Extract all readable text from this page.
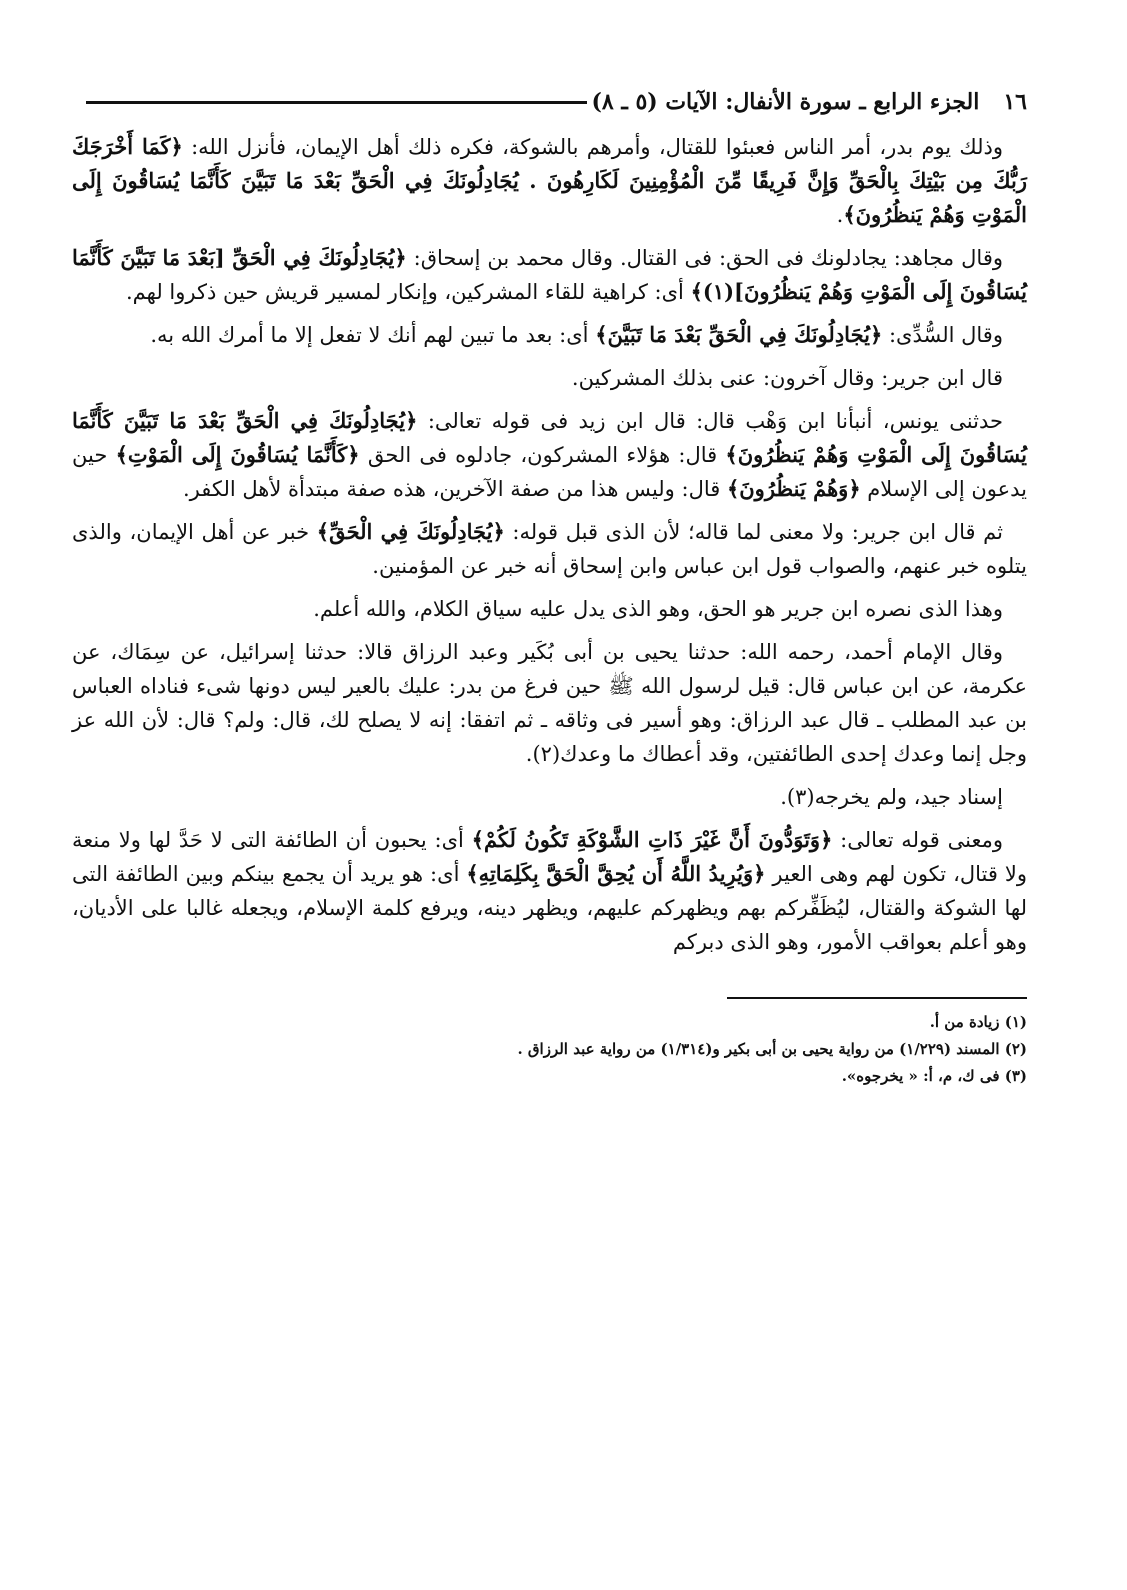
١٦
الجزء الرابع ـ سورة الأنفال: الآيات (٥ ـ ٨)

وذلك يوم بدر، أمر الناس فعبئوا للقتال، وأمرهم بالشوكة، فكره ذلك أهل الإيمان، فأنزل الله: ﴿كَمَا أَخْرَجَكَ رَبُّكَ مِن بَيْتِكَ بِالْحَقِّ وَإِنَّ فَرِيقًا مِّنَ الْمُؤْمِنِينَ لَكَارِهُونَ . يُجَادِلُونَكَ فِي الْحَقِّ بَعْدَ مَا تَبَيَّنَ كَأَنَّمَا يُسَاقُونَ إِلَى الْمَوْتِ وَهُمْ يَنظُرُونَ﴾.

وقال مجاهد: يجادلونك فى الحق: فى القتال. وقال محمد بن إسحاق: ﴿يُجَادِلُونَكَ فِي الْحَقِّ [بَعْدَ مَا تَبَيَّنَ كَأَنَّمَا يُسَاقُونَ إِلَى الْمَوْتِ وَهُمْ يَنظُرُونَ](١)﴾ أى: كراهية للقاء المشركين، وإنكار لمسير قريش حين ذكروا لهم.

وقال السُّدِّى: ﴿يُجَادِلُونَكَ فِي الْحَقِّ بَعْدَ مَا تَبَيَّنَ﴾ أى: بعد ما تبين لهم أنك لا تفعل إلا ما أمرك الله به.

قال ابن جرير: وقال آخرون: عنى بذلك المشركين.

حدثنى يونس، أنبأنا ابن وَهْب قال: قال ابن زيد فى قوله تعالى: ﴿يُجَادِلُونَكَ فِي الْحَقِّ بَعْدَ مَا تَبَيَّنَ كَأَنَّمَا يُسَاقُونَ إِلَى الْمَوْتِ وَهُمْ يَنظُرُونَ﴾ قال: هؤلاء المشركون، جادلوه فى الحق ﴿كَأَنَّمَا يُسَاقُونَ إِلَى الْمَوْتِ﴾ حين يدعون إلى الإسلام ﴿وَهُمْ يَنظُرُونَ﴾ قال: وليس هذا من صفة الآخرين، هذه صفة مبتدأة لأهل الكفر.

ثم قال ابن جرير: ولا معنى لما قاله؛ لأن الذى قبل قوله: ﴿يُجَادِلُونَكَ فِي الْحَقِّ﴾ خبر عن أهل الإيمان، والذى يتلوه خبر عنهم، والصواب قول ابن عباس وابن إسحاق أنه خبر عن المؤمنين.

وهذا الذى نصره ابن جرير هو الحق، وهو الذى يدل عليه سياق الكلام، والله أعلم.

وقال الإمام أحمد، رحمه الله: حدثنا يحيى بن أبى بُكَير وعبد الرزاق قالا: حدثنا إسرائيل، عن سِمَاك، عن عكرمة، عن ابن عباس قال: قيل لرسول الله ﷺ حين فرغ من بدر: عليك بالعير ليس دونها شىء فناداه العباس بن عبد المطلب ـ قال عبد الرزاق: وهو أسير فى وثاقه ـ ثم اتفقا: إنه لا يصلح لك، قال: ولم؟ قال: لأن الله عز وجل إنما وعدك إحدى الطائفتين، وقد أعطاك ما وعدك(٢).

إسناد جيد، ولم يخرجه(٣).

ومعنى قوله تعالى: ﴿وَتَوَدُّونَ أَنَّ غَيْرَ ذَاتِ الشَّوْكَةِ تَكُونُ لَكُمْ﴾ أى: يحبون أن الطائفة التى لا حَدَّ لها ولا منعة ولا قتال، تكون لهم وهى العير ﴿وَيُرِيدُ اللَّهُ أَن يُحِقَّ الْحَقَّ بِكَلِمَاتِهِ﴾ أى: هو يريد أن يجمع بينكم وبين الطائفة التى لها الشوكة والقتال، ليُظَفِّركم بهم ويظهركم عليهم، ويظهر دينه، ويرفع كلمة الإسلام، ويجعله غالبا على الأديان، وهو أعلم بعواقب الأمور، وهو الذى دبركم

(١) زيادة من أ.
(٢) المسند (١/٢٢٩) من رواية يحيى بن أبى بكير و(١/٣١٤) من رواية عبد الرزاق .
(٣) فى ك، م، أ: « يخرجوه».
